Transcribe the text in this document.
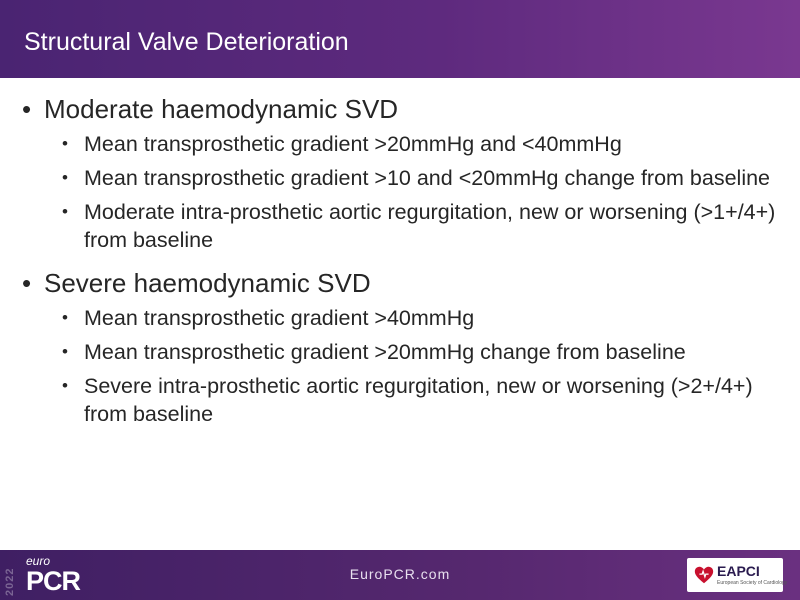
Structural Valve Deterioration
• Moderate haemodynamic SVD
• Mean transprosthetic gradient >20mmHg and <40mmHg
• Mean transprosthetic gradient >10 and <20mmHg change from baseline
• Moderate intra-prosthetic aortic regurgitation, new or worsening (>1+/4+) from baseline
• Severe haemodynamic SVD
• Mean transprosthetic gradient >40mmHg
• Mean transprosthetic gradient >20mmHg change from baseline
• Severe intra-prosthetic aortic regurgitation, new or worsening (>2+/4+) from baseline
2022
euro
PCR	EuroPCR.com	EAPCI
European Society of Cardiology
